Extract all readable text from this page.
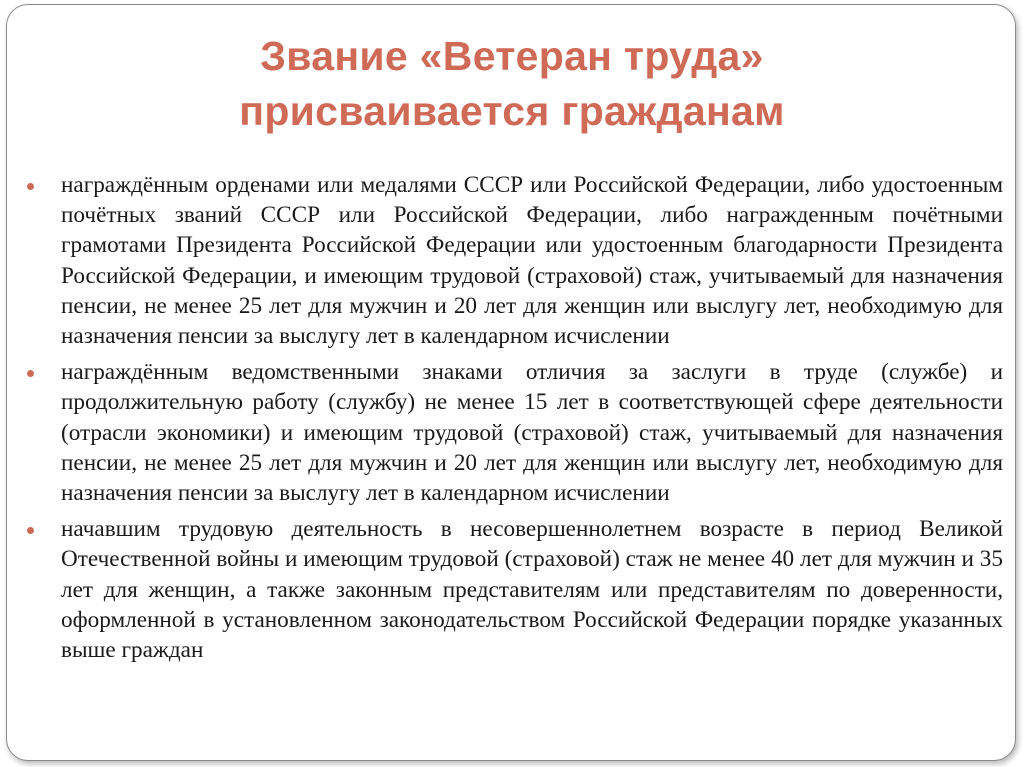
Звание «Ветеран труда»
присваивается гражданам
награждённым орденами или медалями СССР или Российской Федерации, либо удостоенным почётных званий СССР или Российской Федерации, либо награжденным почётными грамотами Президента Российской Федерации или удостоенным благодарности Президента Российской Федерации, и имеющим трудовой (страховой) стаж, учитываемый для назначения пенсии, не менее 25 лет для мужчин и 20 лет для женщин или выслугу лет, необходимую для назначения пенсии за выслугу лет в календарном исчислении
награждённым ведомственными знаками отличия за заслуги в труде (службе) и продолжительную работу (службу) не менее 15 лет в соответствующей сфере деятельности (отрасли экономики) и имеющим трудовой (страховой) стаж, учитываемый для назначения пенсии, не менее 25 лет для мужчин и 20 лет для женщин или выслугу лет, необходимую для назначения пенсии за выслугу лет в календарном исчислении
начавшим трудовую деятельность в несовершеннолетнем возрасте в период Великой Отечественной войны и имеющим трудовой (страховой) стаж не менее 40 лет для мужчин и 35 лет для женщин, а также законным представителям или представителям по доверенности, оформленной в установленном законодательством Российской Федерации порядке указанных выше граждан
